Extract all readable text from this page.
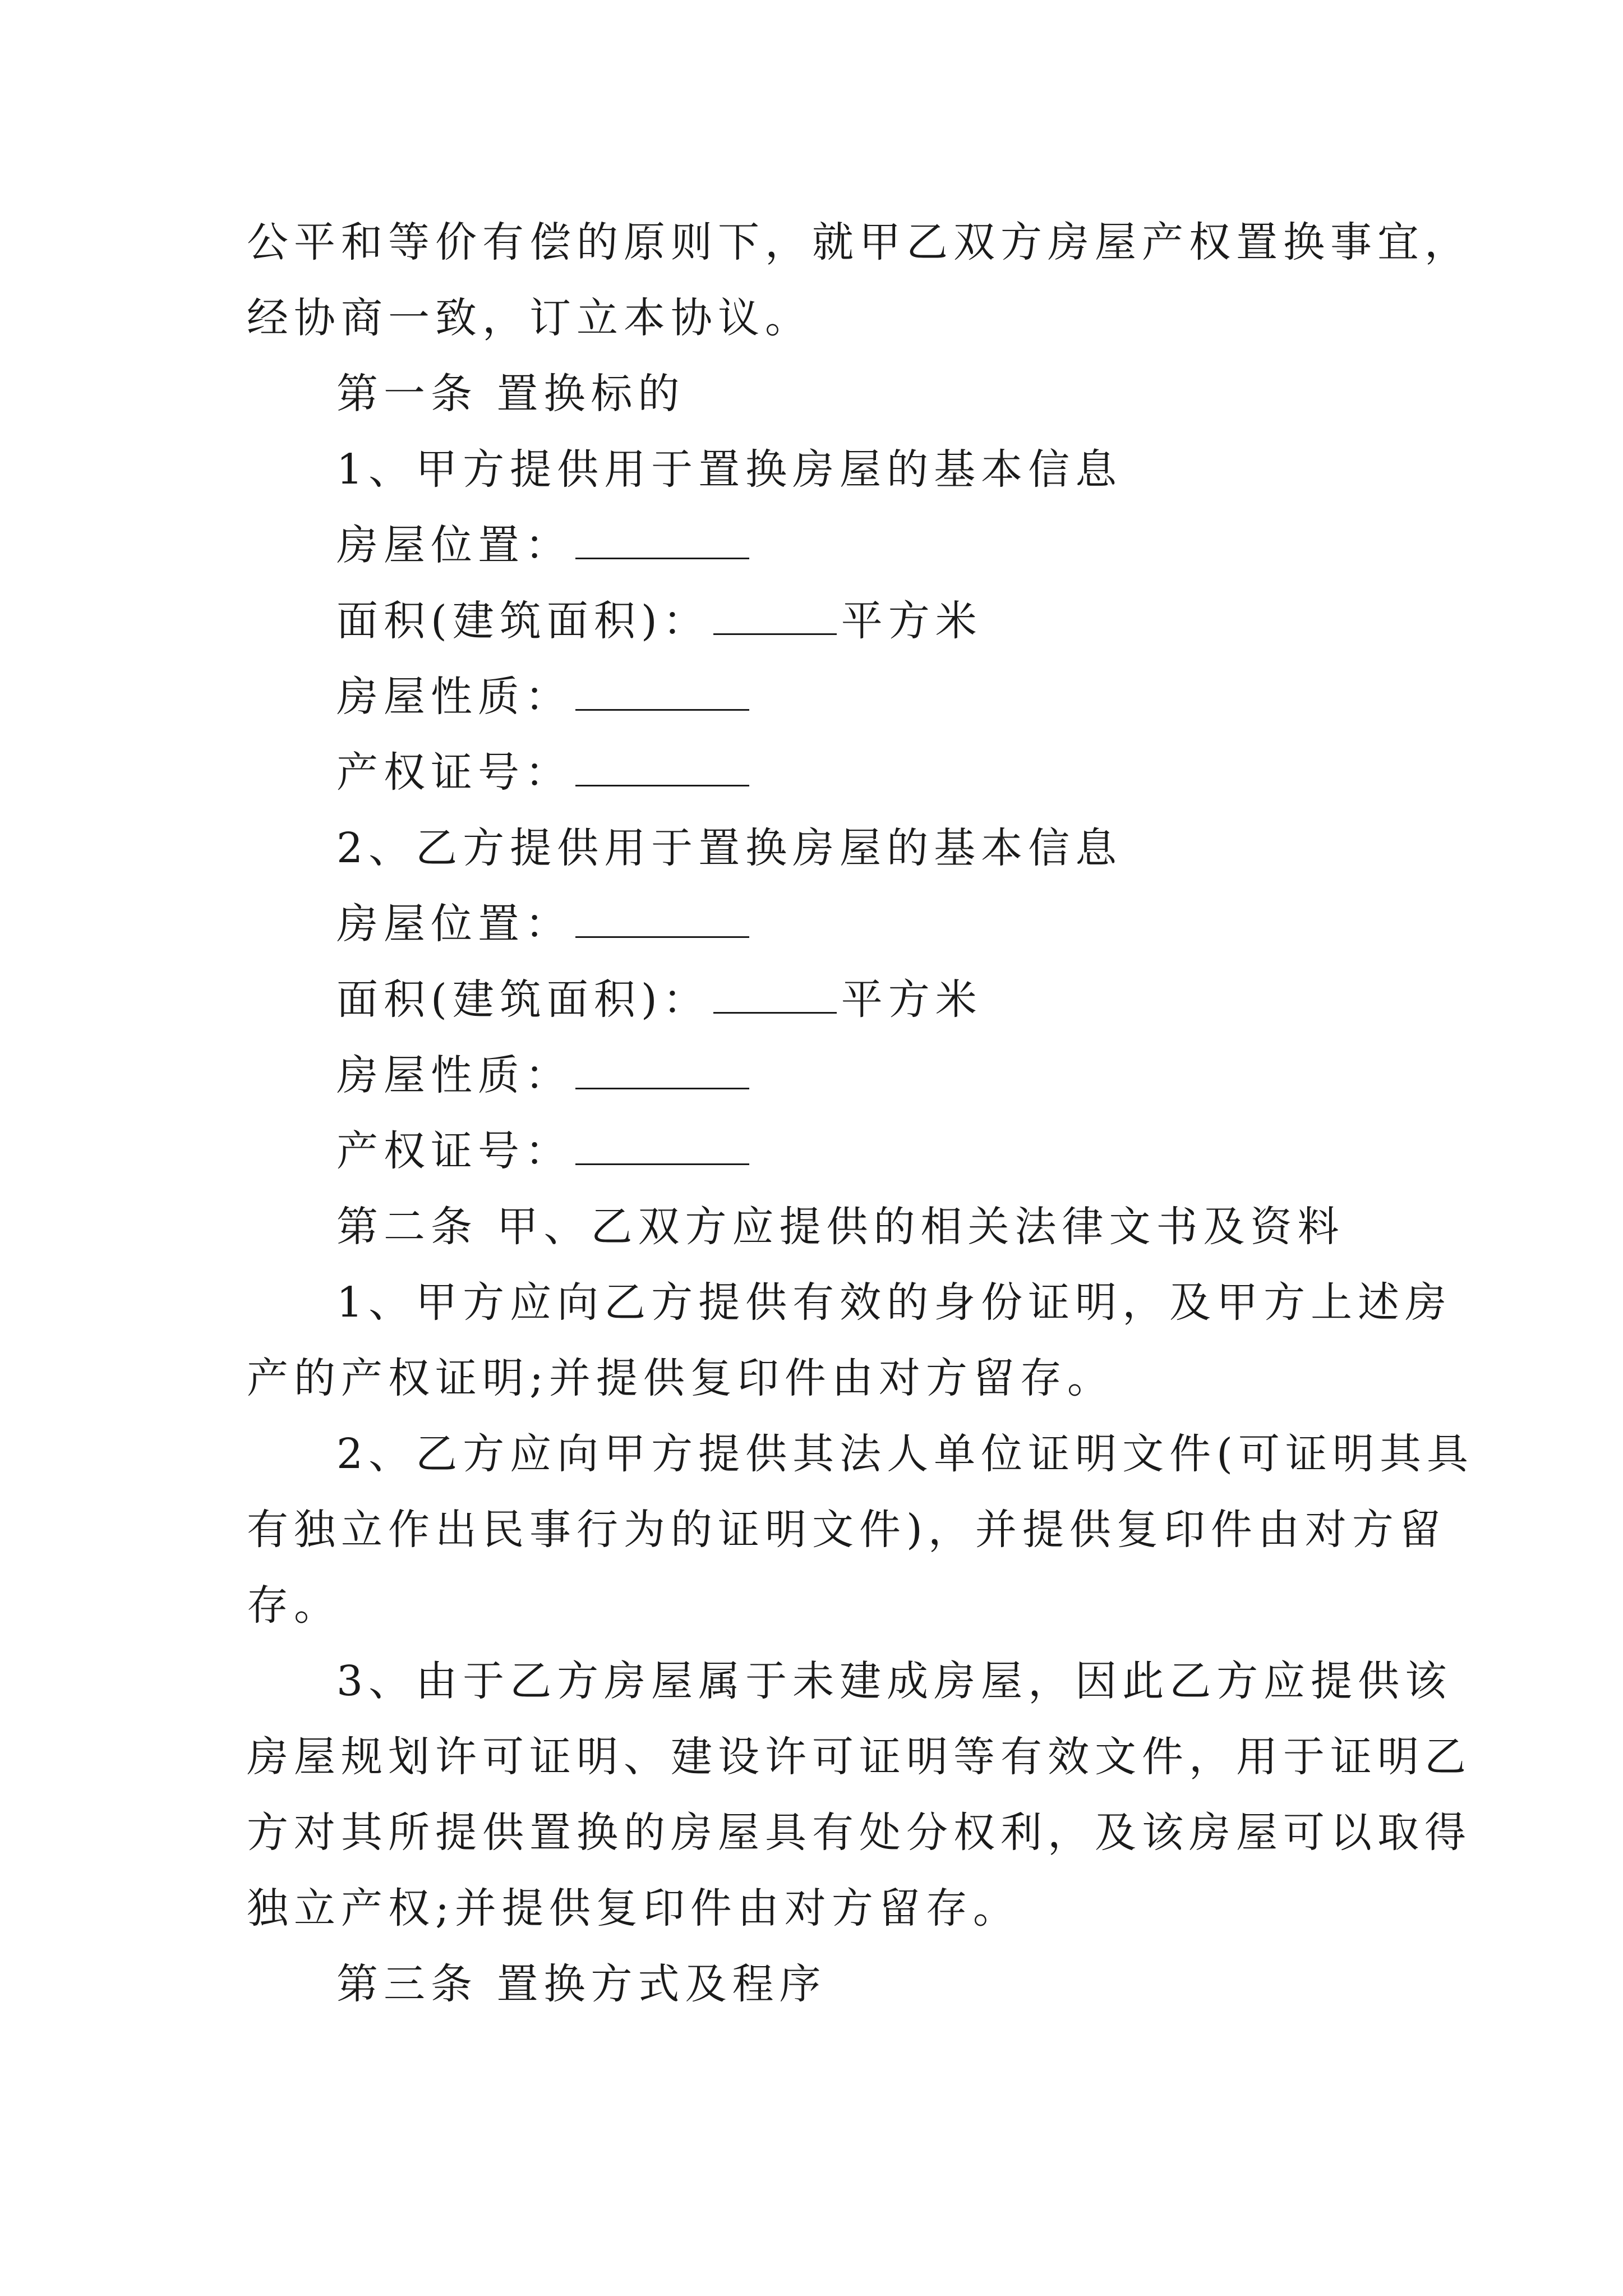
公平和等价有偿的原则下，就甲乙双方房屋产权置换事宜，
经协商一致，订立本协议。
第一条 置换标的
1、甲方提供用于置换房屋的基本信息
房屋位置：
面积(建筑面积)：	平方米
房屋性质：
产权证号：
2、乙方提供用于置换房屋的基本信息
房屋位置：
面积(建筑面积)：	平方米
房屋性质：
产权证号：
第二条 甲、乙双方应提供的相关法律文书及资料
1、甲方应向乙方提供有效的身份证明，及甲方上述房
产的产权证明;并提供复印件由对方留存。
2、乙方应向甲方提供其法人单位证明文件(可证明其具
有独立作出民事行为的证明文件)，并提供复印件由对方留
存。
3、由于乙方房屋属于未建成房屋，因此乙方应提供该
房屋规划许可证明、建设许可证明等有效文件，用于证明乙
方对其所提供置换的房屋具有处分权利，及该房屋可以取得
独立产权;并提供复印件由对方留存。
第三条 置换方式及程序
